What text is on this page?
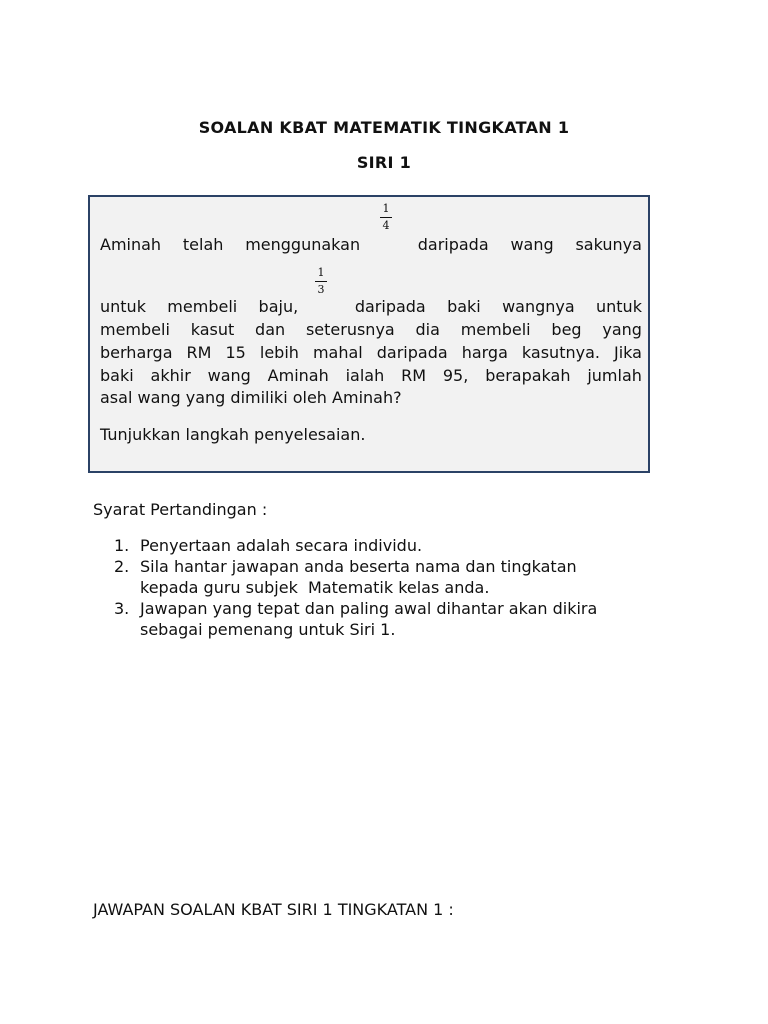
SOALAN KBAT MATEMATIK TINGKATAN 1
SIRI 1
1
4
Aminah telah menggunakan	daripada wang sakunya
1
3
untuk membeli baju,	daripada baki wangnya untuk
membeli kasut dan seterusnya dia membeli beg yang
berharga RM 15 lebih mahal daripada harga kasutnya. Jika
baki akhir wang Aminah ialah RM 95, berapakah jumlah
asal wang yang dimiliki oleh Aminah?
Tunjukkan langkah penyelesaian.
Syarat Pertandingan :
1. Penyertaan adalah secara individu.
2. Sila hantar jawapan anda beserta nama dan tingkatan
kepada guru subjek  Matematik kelas anda.
3. Jawapan yang tepat dan paling awal dihantar akan dikira
sebagai pemenang untuk Siri 1.
JAWAPAN SOALAN KBAT SIRI 1 TINGKATAN 1 :
